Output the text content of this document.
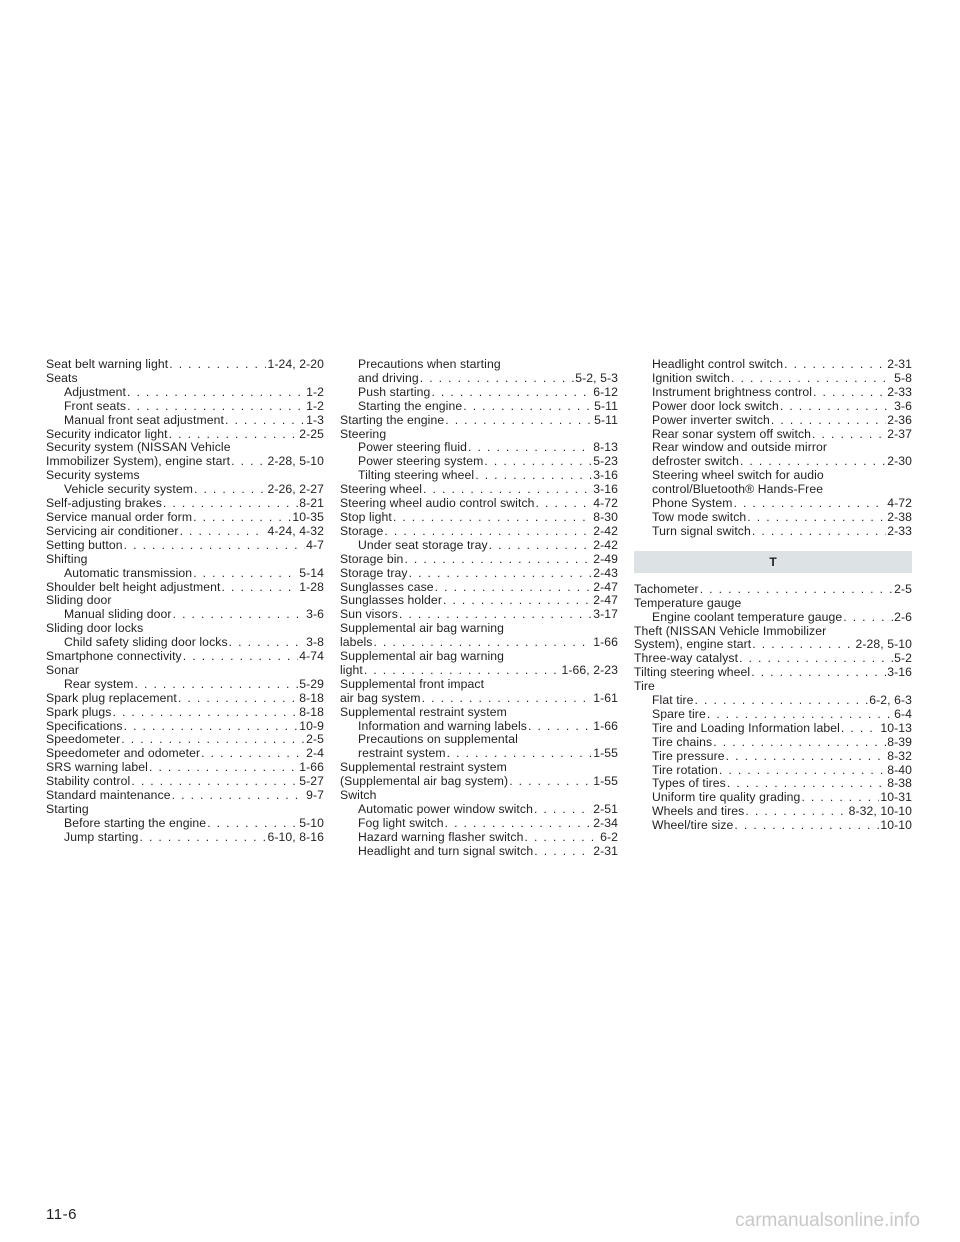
Seat belt warning light . . .	1-24, 2-20
Seats
Adjustment . . .	1-2
Front seats . . .	1-2
Manual front seat adjustment . . .	1-3
Security indicator light . . .	2-25
Security system (NISSAN Vehicle
Immobilizer System), engine start . . .	2-28, 5-10
Security systems
Vehicle security system . . .	2-26, 2-27
Self-adjusting brakes . . .	8-21
Service manual order form . . .	10-35
Servicing air conditioner . . .	4-24, 4-32
Setting button . . .	4-7
Shifting
Automatic transmission . . .	5-14
Shoulder belt height adjustment . . .	1-28
Sliding door
Manual sliding door . . .	3-6
Sliding door locks
Child safety sliding door locks . . .	3-8
Smartphone connectivity . . .	4-74
Sonar
Rear system . . .	5-29
Spark plug replacement . . .	8-18
Spark plugs . . .	8-18
Specifications . . .	10-9
Speedometer . . .	2-5
Speedometer and odometer . . .	2-4
SRS warning label . . .	1-66
Stability control . . .	5-27
Standard maintenance . . .	9-7
Starting
Before starting the engine . . .	5-10
Jump starting . . .	6-10, 8-16
Precautions when starting
and driving . . .	5-2, 5-3
Push starting . . .	6-12
Starting the engine . . .	5-11
Starting the engine . . .	5-11
Steering
Power steering fluid . . .	8-13
Power steering system . . .	5-23
Tilting steering wheel . . .	3-16
Steering wheel . . .	3-16
Steering wheel audio control switch . . .	4-72
Stop light . . .	8-30
Storage . . .	2-42
Under seat storage tray . . .	2-42
Storage bin . . .	2-49
Storage tray . . .	2-43
Sunglasses case . . .	2-47
Sunglasses holder . . .	2-47
Sun visors . . .	3-17
Supplemental air bag warning
labels . . .	1-66
Supplemental air bag warning
light . . .	1-66, 2-23
Supplemental front impact
air bag system . . .	1-61
Supplemental restraint system
Information and warning labels . . .	1-66
Precautions on supplemental
restraint system . . .	1-55
Supplemental restraint system
(Supplemental air bag system) . . .	1-55
Switch
Automatic power window switch . . .	2-51
Fog light switch . . .	2-34
Hazard warning flasher switch . . .	6-2
Headlight and turn signal switch . . .	2-31
Headlight control switch . . .	2-31
Ignition switch . . .	5-8
Instrument brightness control . . .	2-33
Power door lock switch . . .	3-6
Power inverter switch . . .	2-36
Rear sonar system off switch . . .	2-37
Rear window and outside mirror
defroster switch . . .	2-30
Steering wheel switch for audio
control/Bluetooth® Hands-Free
Phone System . . .	4-72
Tow mode switch . . .	2-38
Turn signal switch . . .	2-33
T
Tachometer . . .	2-5
Temperature gauge
Engine coolant temperature gauge . . .	2-6
Theft (NISSAN Vehicle Immobilizer
System), engine start . . .	2-28, 5-10
Three-way catalyst . . .	5-2
Tilting steering wheel . . .	3-16
Tire
Flat tire . . .	6-2, 6-3
Spare tire . . .	6-4
Tire and Loading Information label . . .	10-13
Tire chains . . .	8-39
Tire pressure . . .	8-32
Tire rotation . . .	8-40
Types of tires . . .	8-38
Uniform tire quality grading . . .	10-31
Wheels and tires . . .	8-32, 10-10
Wheel/tire size . . .	10-10
11-6	carmanualsonline.info
